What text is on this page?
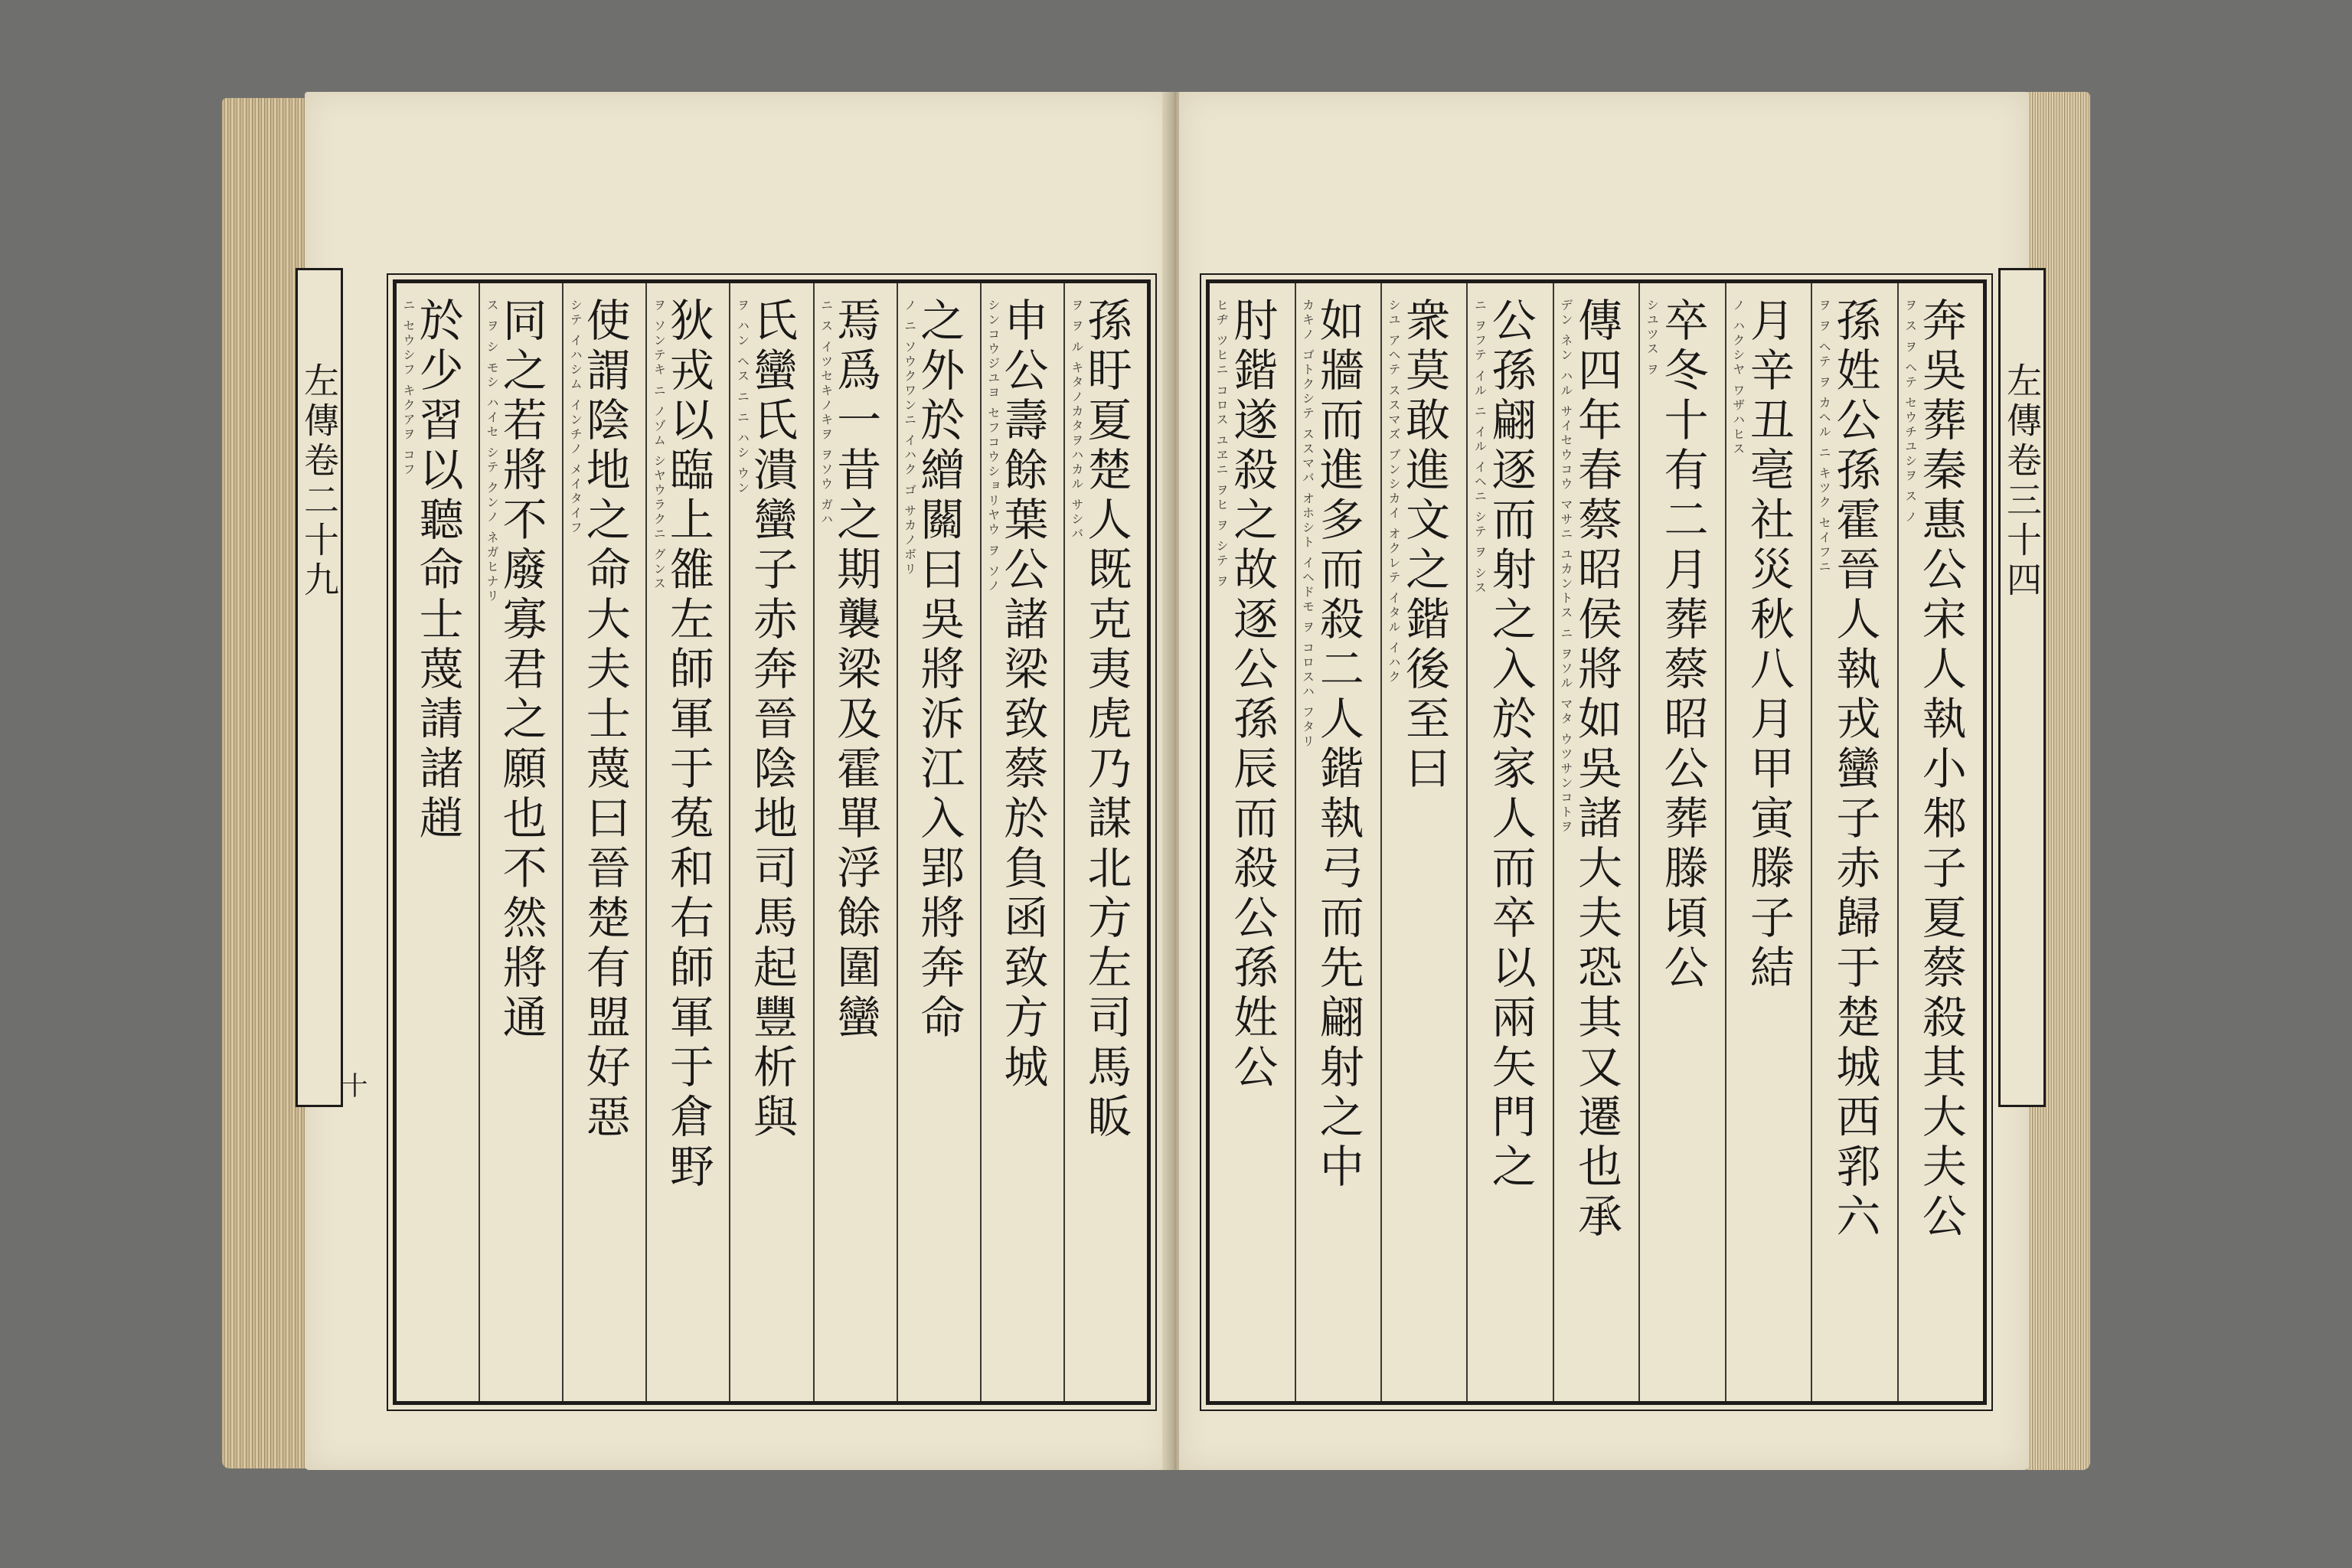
左傳卷二十九
十	孫盱夏楚人既克夷虎乃謀北方左司馬眅
ヲ ヲ ル キタノカタヲハカル サシバ
申公壽餘葉公諸梁致蔡於負函致方城
シンコウジユヨ セフコウショリヤウ ヲ ソノ
之外於繒關曰吳將泝江入郢將奔命
ノ ニ ソウクワンニ イハク ゴ サカノボリ
焉爲一昔之期襲梁及霍單浮餘圍蠻
ニ ス イツセキノキヲ ヲソウ ガハ
氏蠻氏潰蠻子赤奔晉陰地司馬起豐析與
ヲ ハン ヘス ニ ニ ハシ ウン
狄戎以臨上雒左師軍于菟和右師軍于倉野
ヲ ソンテキ ニ ノゾム シヤウラクニ グンス
使謂陰地之命大夫士蔑曰晉楚有盟好惡
シテ イハシム インチノ メイタイフ
同之若將不廢寡君之願也不然將通
ス ヲ シ モシ ハイセ シテ クンノ ネガヒナリ
於少習以聽命士蔑請諸趙
ニ セウシフ キクアヲ コフ	左傳卷三十四
奔吳葬秦惠公宋人執小邾子夏蔡殺其大夫公
ヲ ス ヲ ヘテ セウチユシヲ ス ノ
孫姓公孫霍晉人執戎蠻子赤歸于楚城西郛六
ヲ ヲ ヘテ ヲ カヘル ニ キツク セイフニ
月辛丑亳社災秋八月甲寅滕子結
ノ ハクシヤ ワザハヒス
卒冬十有二月葬蔡昭公葬滕頃公
シユツス ヲ
傳四年春蔡昭侯將如吳諸大夫恐其又遷也承
デン ネン ハル サイセウコウ マサニ ユカントス ニ ヲソル マタ ウツサンコトヲ
公孫翩逐而射之入於家人而卒以兩矢門之
ニ ヲフテ イル ニ イル イヘニ シテ ヲ シス
衆莫敢進文之鍇後至曰
シユ アヘテ ススマズ ブンシカイ オクレテ イタル イハク
如牆而進多而殺二人鍇執弓而先翩射之中
カキノ ゴトクシテ ススマバ オホシト イヘドモ ヲ コロスハ フタリ
肘鍇遂殺之故逐公孫辰而殺公孫姓公
ヒヂ ツヒニ コロス ユヱニ ヲヒ ヲ シテ ヲ
